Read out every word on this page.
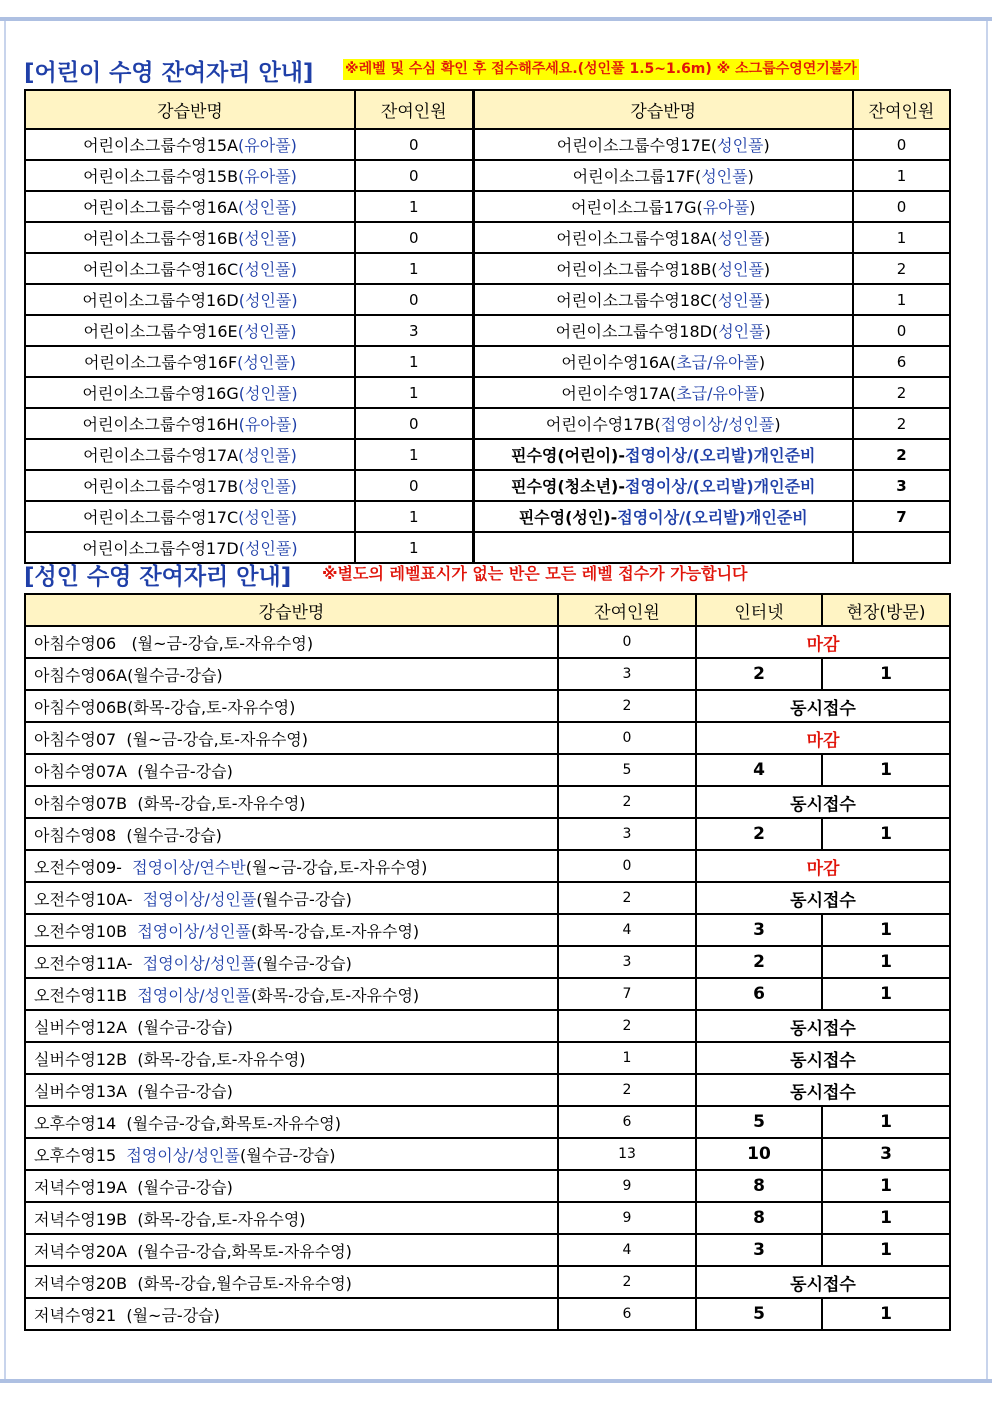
[어린이 수영 잔여자리 안내] ※레벨 및 수심 확인 후 접수해주세요.(성인풀 1.5~1.6m) ※ 소그룹수영연기불가
강습반명	잔여인원	강습반명	잔여인원
어린이소그룹수영15A(유아풀)	0	어린이소그룹수영17E(성인풀)	0
어린이소그룹수영15B(유아풀)	0	어린이소그룹17F(성인풀)	1
어린이소그룹수영16A(성인풀)	1	어린이소그룹17G(유아풀)	0
어린이소그룹수영16B(성인풀)	0	어린이소그룹수영18A(성인풀)	1
어린이소그룹수영16C(성인풀)	1	어린이소그룹수영18B(성인풀)	2
어린이소그룹수영16D(성인풀)	0	어린이소그룹수영18C(성인풀)	1
어린이소그룹수영16E(성인풀)	3	어린이소그룹수영18D(성인풀)	0
어린이소그룹수영16F(성인풀)	1	어린이수영16A(초급/유아풀)	6
어린이소그룹수영16G(성인풀)	1	어린이수영17A(초급/유아풀)	2
어린이소그룹수영16H(유아풀)	0	어린이수영17B(접영이상/성인풀)	2
어린이소그룹수영17A(성인풀)	1	핀수영(어린이)-접영이상/(오리발)개인준비	2
어린이소그룹수영17B(성인풀)	0	핀수영(청소년)-접영이상/(오리발)개인준비	3
어린이소그룹수영17C(성인풀)	1	핀수영(성인)-접영이상/(오리발)개인준비	7
어린이소그룹수영17D(성인풀)	1		
[성인 수영 잔여자리 안내] ※별도의 레벨표시가 없는 반은 모든 레벨 접수가 가능합니다
강습반명	잔여인원	인터넷	현장(방문)
아침수영06   (월~금-강습,토-자유수영)	0	마감	
아침수영06A(월수금-강습)	3	2	1
아침수영06B(화목-강습,토-자유수영)	2	동시접수	
아침수영07  (월~금-강습,토-자유수영)	0	마감	
아침수영07A  (월수금-강습)	5	4	1
아침수영07B  (화목-강습,토-자유수영)	2	동시접수	
아침수영08  (월수금-강습)	3	2	1
오전수영09-  접영이상/연수반(월~금-강습,토-자유수영)	0	마감	
오전수영10A-  접영이상/성인풀(월수금-강습)	2	동시접수	
오전수영10B  접영이상/성인풀(화목-강습,토-자유수영)	4	3	1
오전수영11A-  접영이상/성인풀(월수금-강습)	3	2	1
오전수영11B  접영이상/성인풀(화목-강습,토-자유수영)	7	6	1
실버수영12A  (월수금-강습)	2	동시접수	
실버수영12B  (화목-강습,토-자유수영)	1	동시접수	
실버수영13A  (월수금-강습)	2	동시접수	
오후수영14  (월수금-강습,화목토-자유수영)	6	5	1
오후수영15  접영이상/성인풀(월수금-강습)	13	10	3
저녁수영19A  (월수금-강습)	9	8	1
저녁수영19B  (화목-강습,토-자유수영)	9	8	1
저녁수영20A  (월수금-강습,화목토-자유수영)	4	3	1
저녁수영20B  (화목-강습,월수금토-자유수영)	2	동시접수	
저녁수영21  (월~금-강습)	6	5	1
